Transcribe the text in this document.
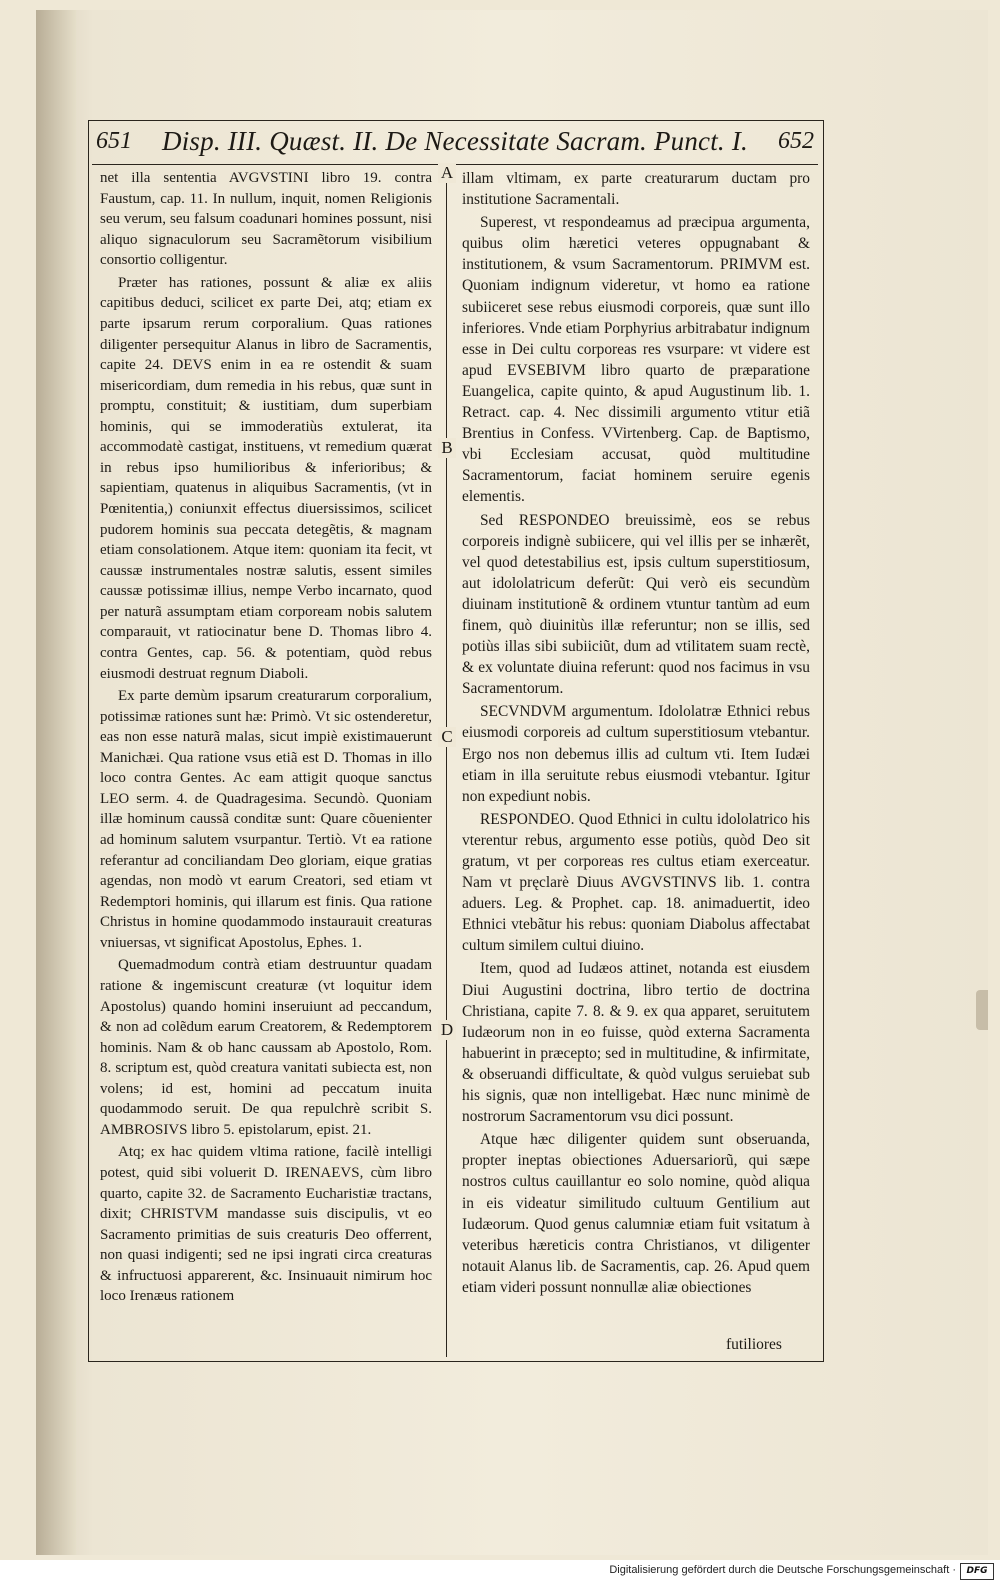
651	Disp. III. Quæst. II. De Necessitate Sacram. Punct. I.	652
A
B
C
D

net illa sententia AVGVSTINI libro 19. contra Faustum, cap. 11. In nullum, inquit, nomen Religionis seu verum, seu falsum coadunari homines possunt, nisi aliquo signaculorum seu Sacramẽtorum visibilium consortio colligentur.

Præter has rationes, possunt & aliæ ex aliis capitibus deduci, scilicet ex parte Dei, atq; etiam ex parte ipsarum rerum corporalium. Quas rationes diligenter persequitur Alanus in libro de Sacramentis, capite 24. DEVS enim in ea re ostendit & suam misericordiam, dum remedia in his rebus, quæ sunt in promptu, constituit; & iustitiam, dum superbiam hominis, qui se immoderatiùs extulerat, ita accommodatè castigat, instituens, vt remedium quærat in rebus ipso humilioribus & inferioribus; & sapientiam, quatenus in aliquibus Sacramentis, (vt in Pœnitentia,) coniunxit effectus diuersissimos, scilicet pudorem hominis sua peccata detegẽtis, & magnam etiam consolationem. Atque item: quoniam ita fecit, vt caussæ instrumentales nostræ salutis, essent similes caussæ potissimæ illius, nempe Verbo incarnato, quod per naturã assumptam etiam corpoream nobis salutem comparauit, vt ratiocinatur bene D. Thomas libro 4. contra Gentes, cap. 56. & potentiam, quòd rebus eiusmodi destruat regnum Diaboli.

Ex parte demùm ipsarum creaturarum corporalium, potissimæ rationes sunt hæ: Primò. Vt sic ostenderetur, eas non esse naturã malas, sicut impiè existimauerunt Manichæi. Qua ratione vsus etiã est D. Thomas in illo loco contra Gentes. Ac eam attigit quoque sanctus LEO serm. 4. de Quadragesima. Secundò. Quoniam illæ hominum caussã conditæ sunt: Quare cõuenienter ad hominum salutem vsurpantur. Tertiò. Vt ea ratione referantur ad conciliandam Deo gloriam, eique gratias agendas, non modò vt earum Creatori, sed etiam vt Redemptori hominis, qui illarum est finis. Qua ratione Christus in homine quodammodo instaurauit creaturas vniuersas, vt significat Apostolus, Ephes. 1.

Quemadmodum contrà etiam destruuntur quadam ratione & ingemiscunt creaturæ (vt loquitur idem Apostolus) quando homini inseruiunt ad peccandum, & non ad colẽdum earum Creatorem, & Redemptorem hominis. Nam & ob hanc caussam ab Apostolo, Rom. 8. scriptum est, quòd creatura vanitati subiecta est, non volens; id est, homini ad peccatum inuita quodammodo seruit. De qua repulchrè scribit S. AMBROSIVS libro 5. epistolarum, epist. 21.

Atq; ex hac quidem vltima ratione, facilè intelligi potest, quid sibi voluerit D. IRENAEVS, cùm libro quarto, capite 32. de Sacramento Eucharistiæ tractans, dixit; CHRISTVM mandasse suis discipulis, vt eo Sacramento primitias de suis creaturis Deo offerrent, non quasi indigenti; sed ne ipsi ingrati circa creaturas & infructuosi apparerent, &c. Insinuauit nimirum hoc loco Irenæus rationem

illam vltimam, ex parte creaturarum ductam pro institutione Sacramentali.

Superest, vt respondeamus ad præcipua argumenta, quibus olim hæretici veteres oppugnabant & institutionem, & vsum Sacramentorum. PRIMVM est. Quoniam indignum videretur, vt homo ea ratione subiiceret sese rebus eiusmodi corporeis, quæ sunt illo inferiores. Vnde etiam Porphyrius arbitrabatur indignum esse in Dei cultu corporeas res vsurpare: vt videre est apud EVSEBIVM libro quarto de præparatione Euangelica, capite quinto, & apud Augustinum lib. 1. Retract. cap. 4. Nec dissimili argumento vtitur etiã Brentius in Confess. VVirtenberg. Cap. de Baptismo, vbi Ecclesiam accusat, quòd multitudine Sacramentorum, faciat hominem seruire egenis elementis.

Sed RESPONDEO breuissimè, eos se rebus corporeis indignè subiicere, qui vel illis per se inhærẽt, vel quod detestabilius est, ipsis cultum superstitiosum, aut idololatricum deferũt: Qui verò eis secundùm diuinam institutionẽ & ordinem vtuntur tantùm ad eum finem, quò diuinitùs illæ referuntur; non se illis, sed potiùs illas sibi subiiciũt, dum ad vtilitatem suam rectè, & ex voluntate diuina referunt: quod nos facimus in vsu Sacramentorum.

SECVNDVM argumentum. Idololatræ Ethnici rebus eiusmodi corporeis ad cultum superstitiosum vtebantur. Ergo nos non debemus illis ad cultum vti. Item Iudæi etiam in illa seruitute rebus eiusmodi vtebantur. Igitur non expediunt nobis.

RESPONDEO. Quod Ethnici in cultu idololatrico his vterentur rebus, argumento esse potiùs, quòd Deo sit gratum, vt per corporeas res cultus etiam exerceatur. Nam vt pręclarè Diuus AVGVSTINVS lib. 1. contra aduers. Leg. & Prophet. cap. 18. animaduertit, ideo Ethnici vtebãtur his rebus: quoniam Diabolus affectabat cultum similem cultui diuino.

Item, quod ad Iudæos attinet, notanda est eiusdem Diui Augustini doctrina, libro tertio de doctrina Christiana, capite 7. 8. & 9. ex qua apparet, seruitutem Iudæorum non in eo fuisse, quòd externa Sacramenta habuerint in præcepto; sed in multitudine, & infirmitate, & obseruandi difficultate, & quòd vulgus seruiebat sub his signis, quæ non intelligebat. Hæc nunc minimè de nostrorum Sacramentorum vsu dici possunt.

Atque hæc diligenter quidem sunt obseruanda, propter ineptas obiectiones Aduersariorũ, qui sæpe nostros cultus cauillantur eo solo nomine, quòd aliqua in eis videatur similitudo cultuum Gentilium aut Iudæorum. Quod genus calumniæ etiam fuit vsitatum à veteribus hæreticis contra Christianos, vt diligenter notauit Alanus lib. de Sacramentis, cap. 26. Apud quem etiam videri possunt nonnullæ aliæ obiectiones

futiliores
Digitalisierung gefördert durch die Deutsche Forschungsgemeinschaft ·	DFG
